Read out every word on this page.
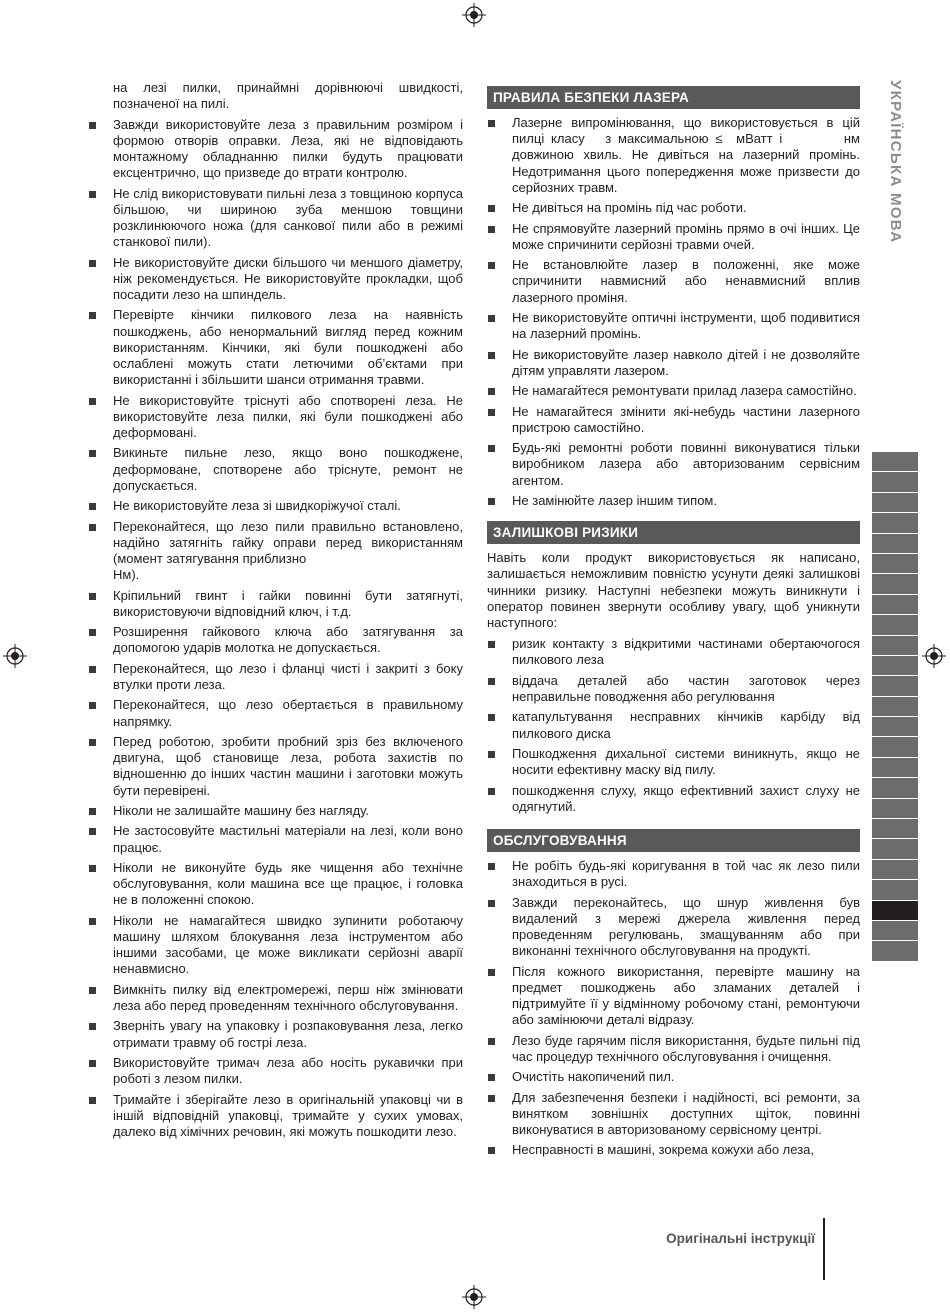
на лезі пилки, принаймні дорівнюючі швидкості, позначеної на пилі.
Завжди використовуйте леза з правильним розміром і формою отворів оправки. Леза, які не відповідають монтажному обладнанню пилки будуть працювати ексцентрично, що призведе до втрати контролю.
Не слід використовувати пильні леза з товщиною корпуса більшою, чи шириною зуба меншою товщини розклинюючого ножа (для санкової пили або в режимі станкової пили).
Не використовуйте диски більшого чи меншого діаметру, ніж рекомендується. Не використовуйте прокладки, щоб посадити лезо на шпиндель.
Перевірте кінчики пилкового леза на наявність пошкоджень, або ненормальний вигляд перед кожним використанням. Кінчики, які були пошкоджені або ослаблені можуть стати летючими об’єктами при використанні і збільшити шанси отримання травми.
Не використовуйте тріснуті або спотворені леза. Не використовуйте леза пилки, які були пошкоджені або деформовані.
Викиньте пильне лезо, якщо воно пошкоджене, деформоване, спотворене або тріснуте, ремонт не допускається.
Не використовуйте леза зі швидкоріжучої сталі.
Переконайтеся, що лезо пили правильно встановлено, надійно затягніть гайку оправи перед використанням (момент затягування приблизно                                            Нм).
Кріпильний гвинт і гайки повинні бути затягнуті, використовуючи відповідний ключ, і т.д.
Розширення гайкового ключа або затягування за допомогою ударів молотка не допускається.
Переконайтеся, що лезо і фланці чисті і закриті з боку втулки проти леза.
Переконайтеся, що лезо обертається в правильному напрямку.
Перед роботою, зробити пробний зріз без включеного двигуна, щоб становище леза, робота захистів по відношенню до інших частин машини і заготовки можуть бути перевірені.
Ніколи не залишайте машину без нагляду.
Не застосовуйте мастильні матеріали на лезі, коли воно працює.
Ніколи не виконуйте будь яке чищення або технічне обслуговування, коли машина все ще працює, і головка не в положенні спокою.
Ніколи не намагайтеся швидко зупинити роботаючу машину шляхом блокування леза інструментом або іншими засобами, це може викликати серйозні аварії ненавмисно.
Вимкніть пилку від електромережі, перш ніж змінювати леза або перед проведенням технічного обслуговування.
Зверніть увагу на упаковку і розпаковування леза, легко отримати травму об гострі леза.
Використовуйте тримач леза або носіть рукавички при роботі з лезом пилки.
Тримайте і зберігайте лезо в оригінальній упаковці чи в іншій відповідній упаковці, тримайте у сухих умовах, далеко від хімічних речовин, які можуть пошкодити лезо.
ПРАВИЛА БЕЗПЕКИ ЛАЗЕРА
Лазерне випромінювання, що використовується в цій пилці класу   з максимальною ≤  мВатт і         нм довжиною хвиль. Не дивіться на лазерний промінь. Недотримання цього попередження може призвести до серйозних травм.
Не дивіться на промінь під час роботи.
Не спрямовуйте лазерний промінь прямо в очі інших. Це може спричинити серйозні травми очей.
Не встановлюйте лазер в положенні, яке може спричинити навмисний або ненавмисний вплив лазерного проміня.
Не використовуйте оптичні інструменти, щоб подивитися на лазерний промінь.
Не використовуйте лазер навколо дітей і не дозволяйте дітям управляти лазером.
Не намагайтеся ремонтувати прилад лазера самостійно.
Не намагайтеся змінити які-небудь частини лазерного пристрою самостійно.
Будь-які ремонтні роботи повинні виконуватися тільки виробником лазера або авторизованим сервісним агентом.
Не замінюйте лазер іншим типом.
ЗАЛИШКОВІ РИЗИКИ

Навіть коли продукт використовується як написано, залишається неможливим повністю усунути деякі залишкові чинники ризику. Наступні небезпеки можуть виникнути і оператор повинен звернути особливу увагу, щоб уникнути наступного:

ризик контакту з відкритими частинами обертаючогося пилкового леза
віддача деталей або частин заготовок через неправильне поводження або регулювання
катапультування несправних кінчиків карбіду від пилкового диска
Пошкодження дихальної системи виникнуть, якщо не носити ефективну маску від пилу.
пошкодження слуху, якщо ефективний захист слуху не одягнутий.
ОБСЛУГОВУВАННЯ
Не робіть будь-які коригування в той час як лезо пили знаходиться в русі.
Завжди переконайтесь, що шнур живлення був видалений з мережі джерела живлення перед проведенням регулювань, змащуванням або при виконанні технічного обслуговування на продукті.
Після кожного використання, перевірте машину на предмет пошкоджень або зламаних деталей і підтримуйте її у відмінному робочому стані, ремонтуючи або замінюючи деталі відразу.
Лезо буде гарячим після використання, будьте пильні під час процедур технічного обслуговування і очищення.
Очистіть накопичений пил.
Для забезпечення безпеки і надійності, всі ремонти, за винятком зовнішніх доступних щіток, повинні виконуватися в авторизованому сервісному центрі.
Несправності в машині, зокрема кожухи або леза,
УКРАЇНСЬКА МОВА
Оригінальні інструкції
